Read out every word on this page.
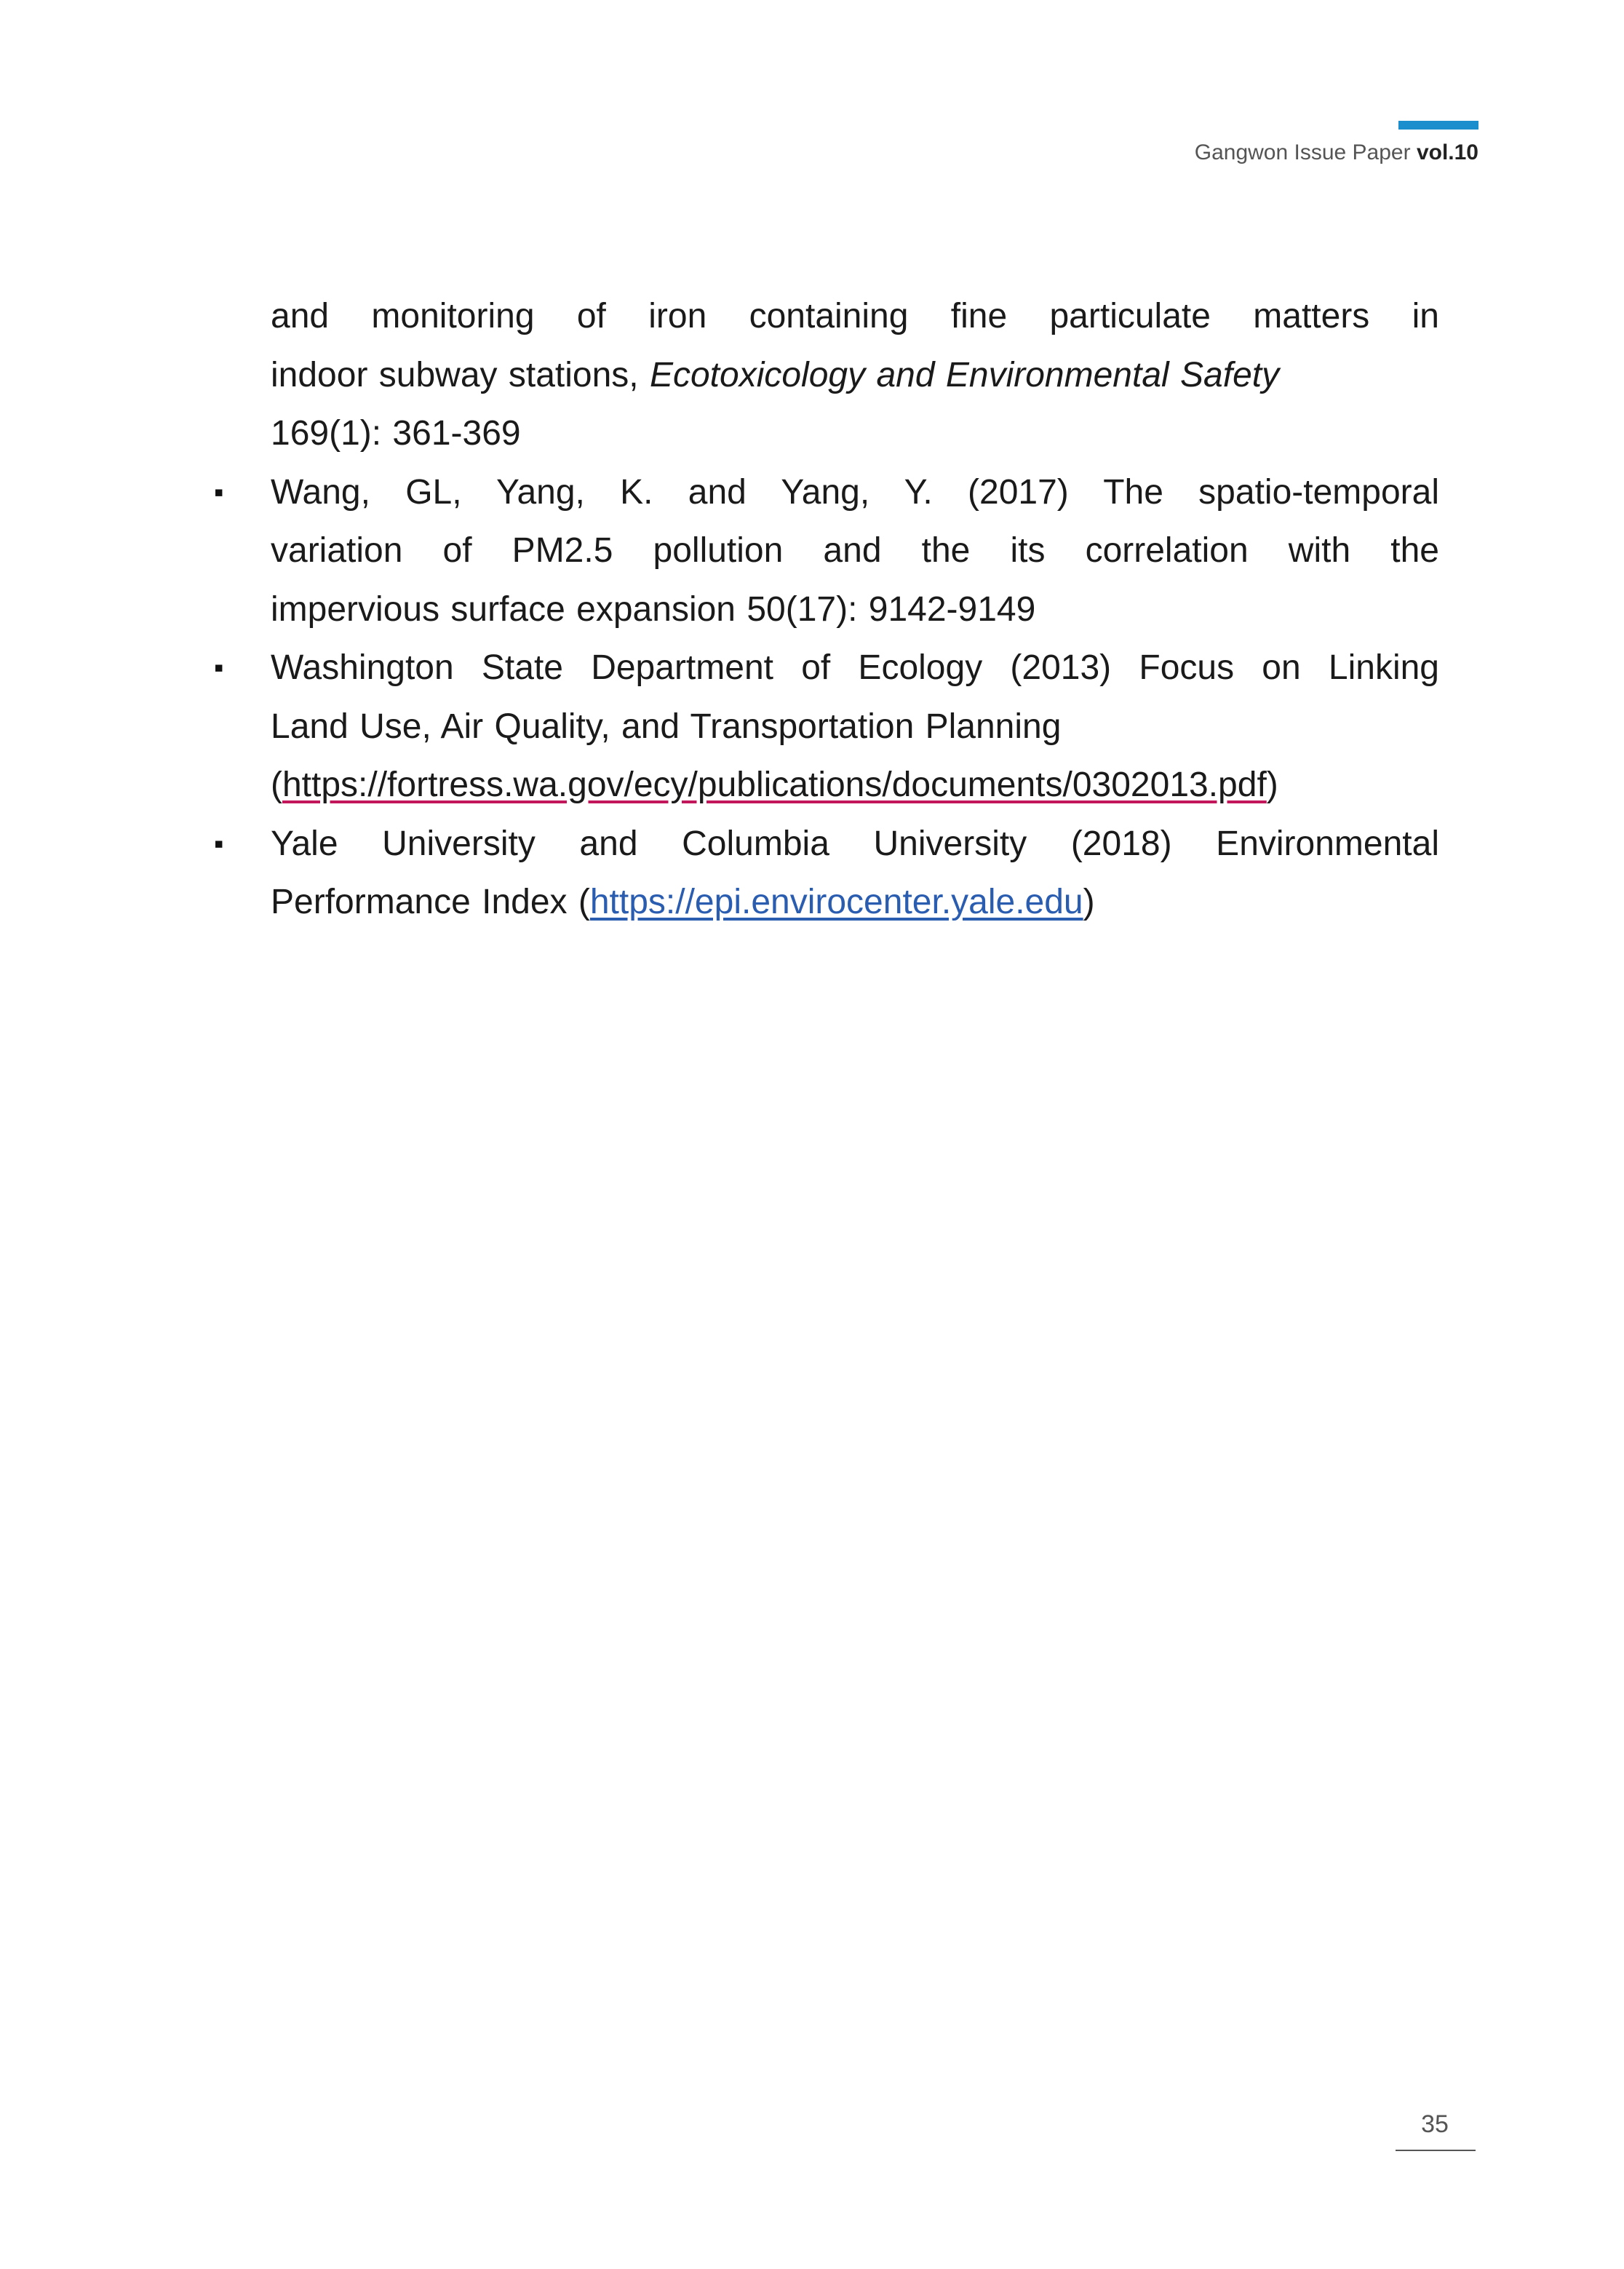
Gangwon Issue Paper vol.10
and monitoring of iron containing fine particulate matters in
indoor subway stations, Ecotoxicology and Environmental Safety
169(1): 361-369
▪ Wang, GL, Yang, K. and Yang, Y. (2017) The spatio-temporal
variation of PM2.5 pollution and the its correlation with the
impervious surface expansion 50(17): 9142-9149
▪ Washington State Department of Ecology (2013) Focus on Linking
Land Use, Air Quality, and Transportation Planning
(https://fortress.wa.gov/ecy/publications/documents/0302013.pdf)
▪ Yale University and Columbia University (2018) Environmental
Performance Index (https://epi.envirocenter.yale.edu)
35
